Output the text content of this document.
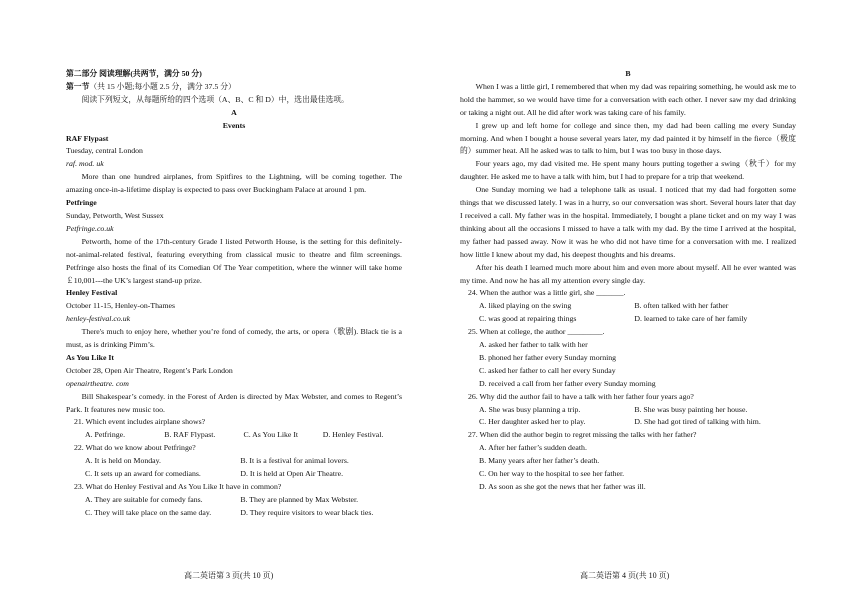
第二部分 阅读理解(共两节，满分 50 分)

第一节（共 15 小题;每小题 2.5 分，满分 37.5 分）

阅读下列短文，从每题所给的四个选项（A、B、C 和 D）中，选出最佳选项。

A

Events

RAF Flypast

Tuesday, central London

raf. mod. uk

More than one hundred airplanes, from Spitfires to the Lightning, will be coming together. The amazing once-in-a-lifetime display is expected to pass over Buckingham Palace at around 1 pm.

Petfringe

Sunday, Petworth, West Sussex

Petfringe.co.uk

Petworth, home of the 17th-century Grade I listed Petworth House, is the setting for this definitely-not-animal-related festival, featuring everything from classical music to theatre and film screenings. Petfringe also hosts the final of its Comedian Of The Year competition, where the winner will take home ￡10,001---the UK’s largest stand-up prize.

Henley Festival

October 11-15, Henley-on-Thames

henley-festival.co.uk

There's much to enjoy here, whether you’re fond of comedy, the arts, or opera（歌剧). Black tie is a must, as is drinking Pimm’s.

As You Like It

October 28, Open Air Theatre, Regent’s Park London

openairtheatre. com

Bill Shakespear’s comedy. in the Forest of Arden is directed by Max Webster, and comes to Regent’s Park. It features new music too.

21. Which event includes airplane shows?

A. Petfringe.	B. RAF Flypast.	C. As You Like It	D. Henley Festival.

22. What do we know about Petfringe?

A. It is held on Monday.	B. It is a festival for animal lovers.
C. It sets up an award for comedians.	D. It is held at Open Air Theatre.

23. What do Henley Festival and As You Like It have in common?

A. They are suitable for comedy fans.	B. They are planned by Max Webster.
C. They will take place on the same day.	D. They require visitors to wear black ties.
高二英语第 3 页(共 10 页)

B

When I was a little girl, I remembered that when my dad was repairing something, he would ask me to hold the hammer, so we would have time for a conversation with each other. I never saw my dad drinking or taking a night out. All he did after work was taking care of his family.

I grew up and left home for college and since then, my dad had been calling me every Sunday morning. And when I bought a house several years later, my dad painted it by himself in the fierce（极度的）summer heat. All he asked was to talk to him, but I was too busy in those days.

Four years ago, my dad visited me. He spent many hours putting together a swing（秋千）for my daughter. He asked me to have a talk with him, but I had to prepare for a trip that weekend.

One Sunday morning we had a telephone talk as usual. I noticed that my dad had forgotten some things that we discussed lately. I was in a hurry, so our conversation was short. Several hours later that day I received a call. My father was in the hospital. Immediately, I bought a plane ticket and on my way I was thinking about all the occasions I missed to have a talk with my dad. By the time I arrived at the hospital, my father had passed away. Now it was he who did not have time for a conversation with me. I realized how little I knew about my dad, his deepest thoughts and his dreams.

After his death I learned much more about him and even more about myself. All he ever wanted was my time. And now he has all my attention every single day.

24. When the author was a little girl, she _______.

A. liked playing on the swing	B. often talked with her father
C. was good at repairing things	D. learned to take care of her family

25. When at college, the author _________.

A. asked her father to talk with her

B. phoned her father every Sunday morning

C. asked her father to call her every Sunday

D. received a call from her father every Sunday morning

26. Why did the author fail to have a talk with her father four years ago?

A. She was busy planning a trip.	B. She was busy painting her house.
C. Her daughter asked her to play.	D. She had got tired of talking with him.

27. When did the author begin to regret missing the talks with her father?

A. After her father’s sudden death.

B. Many years after her father’s death.

C. On her way to the hospital to see her father.

D. As soon as she got the news that her father was ill.

高二英语第 4 页(共 10 页)
